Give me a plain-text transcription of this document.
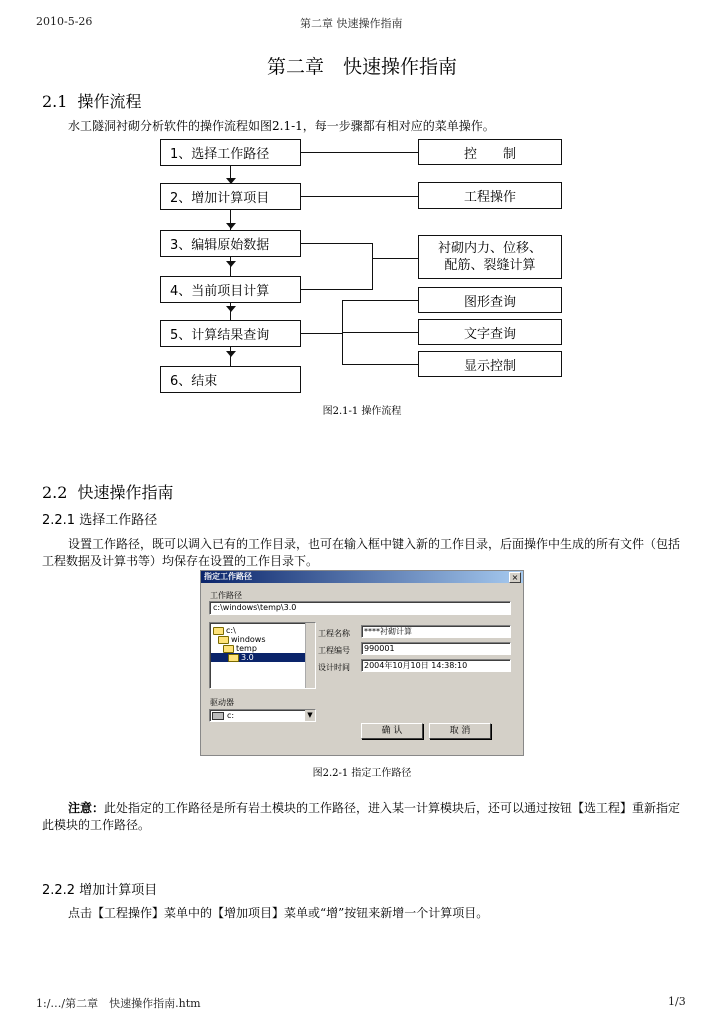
2010-5-26	第二章 快速操作指南
第二章　快速操作指南
2.1 操作流程
水工隧洞衬砌分析软件的操作流程如图2.1-1，每一步骤都有相对应的菜单操作。
1、选择工作路径
2、增加计算项目
3、编辑原始数据
4、当前项目计算
5、计算结果查询
6、结束
控　　制
工程操作
衬砌内力、位移、
配筋、裂缝计算
图形查询
文字查询
显示控制
图2.1-1 操作流程
2.2 快速操作指南
2.2.1 选择工作路径
设置工作路径，既可以调入已有的工作目录，也可在输入框中键入新的工作目录，后面操作中生成的所有文件（包括工程数据及计算书等）均保存在设置的工作目录下。
指定工作路径	×
工作路径
c:\windows\temp\3.0
c:\
windows
temp
3.0
工程名称	****衬砌计算
工程编号	990001
设计时间	2004年10月10日 14:38:10
驱动器
c:	▼
确 认	取 消
图2.2-1 指定工作路径
注意：此处指定的工作路径是所有岩土模块的工作路径，进入某一计算模块后，还可以通过按钮【选工程】重新指定此模块的工作路径。
2.2.2 增加计算项目
点击【工程操作】菜单中的【增加项目】菜单或“增”按钮来新增一个计算项目。
1:/…/第二章　快速操作指南.htm	1/3
